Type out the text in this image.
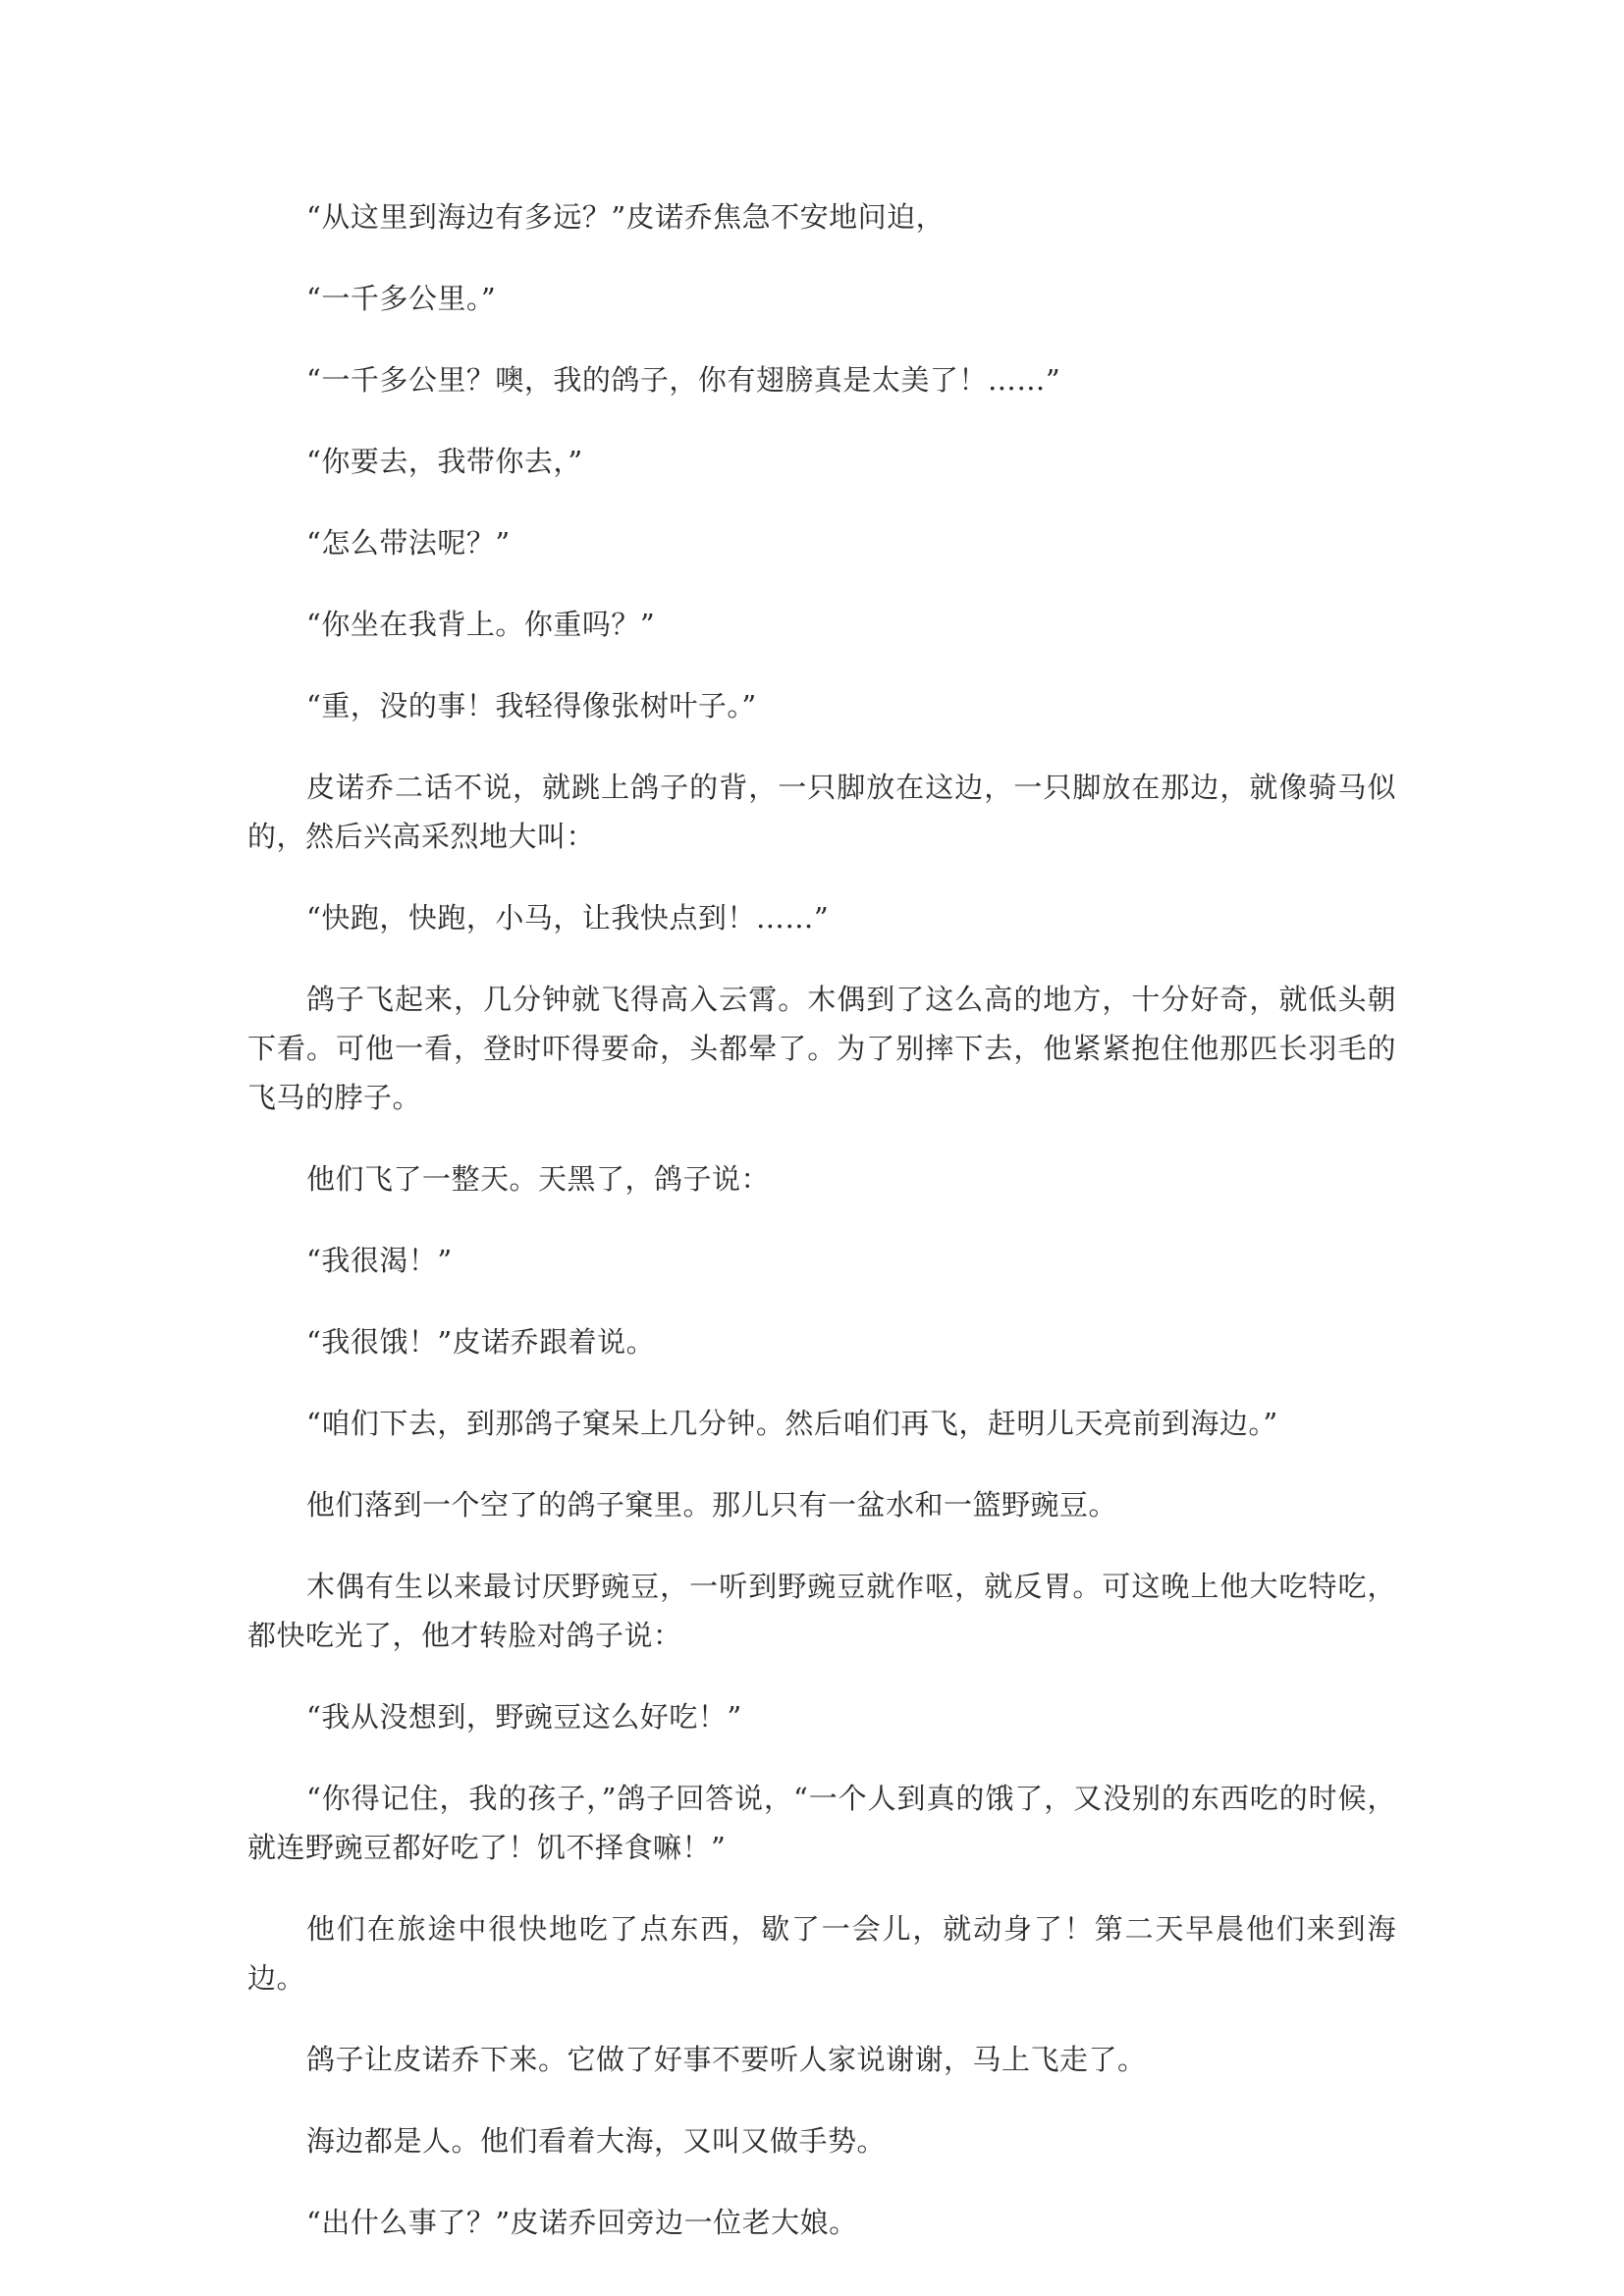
“从这里到海边有多远？”皮诺乔焦急不安地问迫，

“一千多公里。”

“一千多公里？噢，我的鸽子，你有翅膀真是太美了！……”

“你要去，我带你去，”

“怎么带法呢？”

“你坐在我背上。你重吗？”

“重，没的事！我轻得像张树叶子。”

皮诺乔二话不说，就跳上鸽子的背，一只脚放在这边，一只脚放在那边，就像骑马似的，然后兴高采烈地大叫：

“快跑，快跑，小马，让我快点到！……”

鸽子飞起来，几分钟就飞得高入云霄。木偶到了这么高的地方，十分好奇，就低头朝下看。可他一看，登时吓得要命，头都晕了。为了别摔下去，他紧紧抱住他那匹长羽毛的飞马的脖子。

他们飞了一整天。天黑了，鸽子说：

“我很渴！”

“我很饿！”皮诺乔跟着说。

“咱们下去，到那鸽子窠呆上几分钟。然后咱们再飞，赶明儿天亮前到海边。”

他们落到一个空了的鸽子窠里。那儿只有一盆水和一篮野豌豆。

木偶有生以来最讨厌野豌豆，一听到野豌豆就作呕，就反胃。可这晚上他大吃特吃，都快吃光了，他才转脸对鸽子说：

“我从没想到，野豌豆这么好吃！”

“你得记住，我的孩子，”鸽子回答说，“一个人到真的饿了，又没别的东西吃的时候，就连野豌豆都好吃了！饥不择食嘛！”

他们在旅途中很快地吃了点东西，歇了一会儿，就动身了！第二天早晨他们来到海边。

鸽子让皮诺乔下来。它做了好事不要听人家说谢谢，马上飞走了。

海边都是人。他们看着大海，又叫又做手势。

“出什么事了？”皮诺乔回旁边一位老大娘。
